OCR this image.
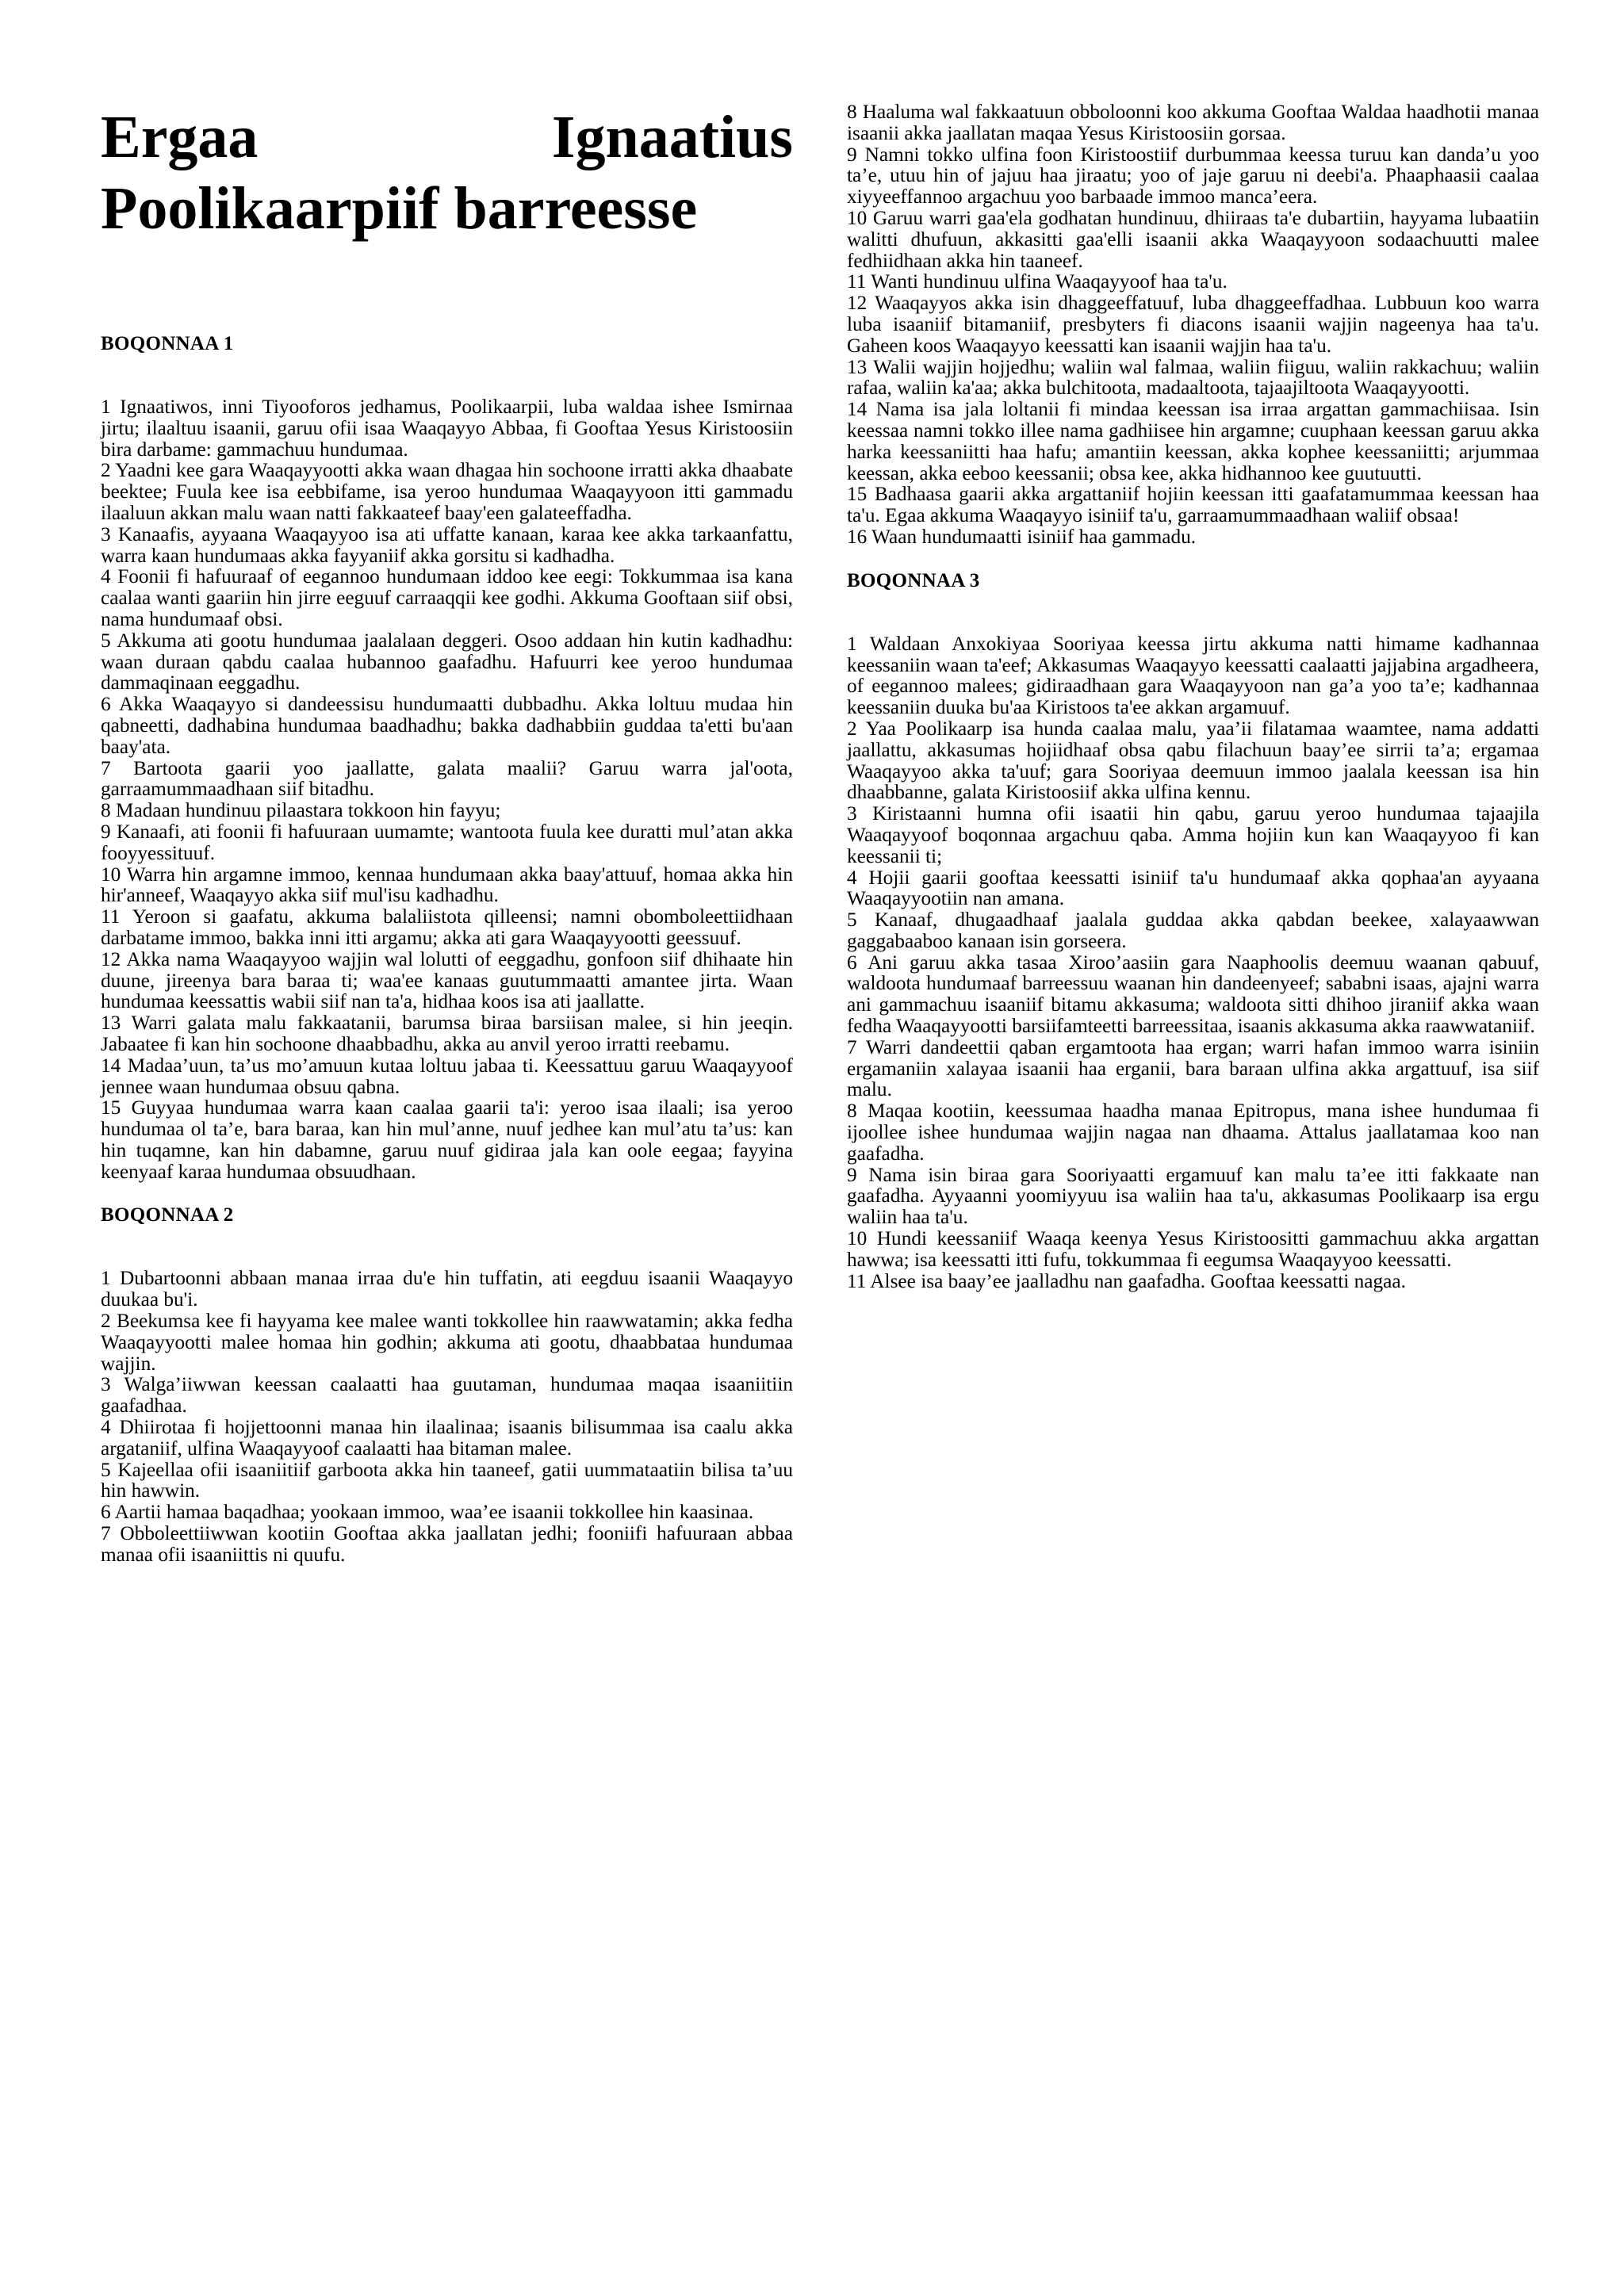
Ergaa	Ignaatius
Poolikaarpiif barreesse

BOQONNAA 1

1 Ignaatiwos, inni Tiyooforos jedhamus, Poolikaarpii, luba waldaa ishee Ismirnaa jirtu; ilaaltuu isaanii, garuu ofii isaa Waaqayyo Abbaa, fi Gooftaa Yesus Kiristoosiin bira darbame: gammachuu hundumaa.

2 Yaadni kee gara Waaqayyootti akka waan dhagaa hin sochoone irratti akka dhaabate beektee; Fuula kee isa eebbifame, isa yeroo hundumaa Waaqayyoon itti gammadu ilaaluun akkan malu waan natti fakkaateef baay'een galateeffadha.

3 Kanaafis, ayyaana Waaqayyoo isa ati uffatte kanaan, karaa kee akka tarkaanfattu, warra kaan hundumaas akka fayyaniif akka gorsitu si kadhadha.

4 Foonii fi hafuuraaf of eegannoo hundumaan iddoo kee eegi: Tokkummaa isa kana caalaa wanti gaariin hin jirre eeguuf carraaqqii kee godhi. Akkuma Gooftaan siif obsi, nama hundumaaf obsi.

5 Akkuma ati gootu hundumaa jaalalaan deggeri. Osoo addaan hin kutin kadhadhu: waan duraan qabdu caalaa hubannoo gaafadhu. Hafuurri kee yeroo hundumaa dammaqinaan eeggadhu.

6 Akka Waaqayyo si dandeessisu hundumaatti dubbadhu. Akka loltuu mudaa hin qabneetti, dadhabina hundumaa baadhadhu; bakka dadhabbiin guddaa ta'etti bu'aan baay'ata.

7 Bartoota gaarii yoo jaallatte, galata maalii? Garuu warra jal'oota, garraamummaadhaan siif bitadhu.

8 Madaan hundinuu pilaastara tokkoon hin fayyu;

9 Kanaafi, ati foonii fi hafuuraan uumamte; wantoota fuula kee duratti mul’atan akka fooyyessituuf.

10 Warra hin argamne immoo, kennaa hundumaan akka baay'attuuf, homaa akka hin hir'anneef, Waaqayyo akka siif mul'isu kadhadhu.

11 Yeroon si gaafatu, akkuma balaliistota qilleensi; namni obomboleettiidhaan darbatame immoo, bakka inni itti argamu; akka ati gara Waaqayyootti geessuuf.

12 Akka nama Waaqayyoo wajjin wal lolutti of eeggadhu, gonfoon siif dhihaate hin duune, jireenya bara baraa ti; waa'ee kanaas guutummaatti amantee jirta. Waan hundumaa keessattis wabii siif nan ta'a, hidhaa koos isa ati jaallatte.

13 Warri galata malu fakkaatanii, barumsa biraa barsiisan malee, si hin jeeqin. Jabaatee fi kan hin sochoone dhaabbadhu, akka au anvil yeroo irratti reebamu.

14 Madaa’uun, ta’us mo’amuun kutaa loltuu jabaa ti. Keessattuu garuu Waaqayyoof jennee waan hundumaa obsuu qabna.

15 Guyyaa hundumaa warra kaan caalaa gaarii ta'i: yeroo isaa ilaali; isa yeroo hundumaa ol ta’e, bara baraa, kan hin mul’anne, nuuf jedhee kan mul’atu ta’us: kan hin tuqamne, kan hin dabamne, garuu nuuf gidiraa jala kan oole eegaa; fayyina keenyaaf karaa hundumaa obsuudhaan.

BOQONNAA 2

1 Dubartoonni abbaan manaa irraa du'e hin tuffatin, ati eegduu isaanii Waaqayyo duukaa bu'i.

2 Beekumsa kee fi hayyama kee malee wanti tokkollee hin raawwatamin; akka fedha Waaqayyootti malee homaa hin godhin; akkuma ati gootu, dhaabbataa hundumaa wajjin.

3 Walga’iiwwan keessan caalaatti haa guutaman, hundumaa maqaa isaaniitiin gaafadhaa.

4 Dhiirotaa fi hojjettoonni manaa hin ilaalinaa; isaanis bilisummaa isa caalu akka argataniif, ulfina Waaqayyoof caalaatti haa bitaman malee.

5 Kajeellaa ofii isaaniitiif garboota akka hin taaneef, gatii uummataatiin bilisa ta’uu hin hawwin.

6 Aartii hamaa baqadhaa; yookaan immoo, waa’ee isaanii tokkollee hin kaasinaa.

7 Obboleettiiwwan kootiin Gooftaa akka jaallatan jedhi; fooniifi hafuuraan abbaa manaa ofii isaaniittis ni quufu.

8 Haaluma wal fakkaatuun obboloonni koo akkuma Gooftaa Waldaa haadhotii manaa isaanii akka jaallatan maqaa Yesus Kiristoosiin gorsaa.

9 Namni tokko ulfina foon Kiristoostiif durbummaa keessa turuu kan danda’u yoo ta’e, utuu hin of jajuu haa jiraatu; yoo of jaje garuu ni deebi'a. Phaaphaasii caalaa xiyyeeffannoo argachuu yoo barbaade immoo manca’eera.

10 Garuu warri gaa'ela godhatan hundinuu, dhiiraas ta'e dubartiin, hayyama lubaatiin walitti dhufuun, akkasitti gaa'elli isaanii akka Waaqayyoon sodaachuutti malee fedhiidhaan akka hin taaneef.

11 Wanti hundinuu ulfina Waaqayyoof haa ta'u.

12 Waaqayyos akka isin dhaggeeffatuuf, luba dhaggeeffadhaa. Lubbuun koo warra luba isaaniif bitamaniif, presbyters fi diacons isaanii wajjin nageenya haa ta'u. Gaheen koos Waaqayyo keessatti kan isaanii wajjin haa ta'u.

13 Walii wajjin hojjedhu; waliin wal falmaa, waliin fiiguu, waliin rakkachuu; waliin rafaa, waliin ka'aa; akka bulchitoota, madaaltoota, tajaajiltoota Waaqayyootti.

14 Nama isa jala loltanii fi mindaa keessan isa irraa argattan gammachiisaa. Isin keessaa namni tokko illee nama gadhiisee hin argamne; cuuphaan keessan garuu akka harka keessaniitti haa hafu; amantiin keessan, akka kophee keessaniitti; arjummaa keessan, akka eeboo keessanii; obsa kee, akka hidhannoo kee guutuutti.

15 Badhaasa gaarii akka argattaniif hojiin keessan itti gaafatamummaa keessan haa ta'u. Egaa akkuma Waaqayyo isiniif ta'u, garraamummaadhaan waliif obsaa!

16 Waan hundumaatti isiniif haa gammadu.

BOQONNAA 3

1 Waldaan Anxokiyaa Sooriyaa keessa jirtu akkuma natti himame kadhannaa keessaniin waan ta'eef; Akkasumas Waaqayyo keessatti caalaatti jajjabina argadheera, of eegannoo malees; gidiraadhaan gara Waaqayyoon nan ga’a yoo ta’e; kadhannaa keessaniin duuka bu'aa Kiristoos ta'ee akkan argamuuf.

2 Yaa Poolikaarp isa hunda caalaa malu, yaa’ii filatamaa waamtee, nama addatti jaallattu, akkasumas hojiidhaaf obsa qabu filachuun baay’ee sirrii ta’a; ergamaa Waaqayyoo akka ta'uuf; gara Sooriyaa deemuun immoo jaalala keessan isa hin dhaabbanne, galata Kiristoosiif akka ulfina kennu.

3 Kiristaanni humna ofii isaatii hin qabu, garuu yeroo hundumaa tajaajila Waaqayyoof boqonnaa argachuu qaba. Amma hojiin kun kan Waaqayyoo fi kan keessanii ti;

4 Hojii gaarii gooftaa keessatti isiniif ta'u hundumaaf akka qophaa'an ayyaana Waaqayyootiin nan amana.

5 Kanaaf, dhugaadhaaf jaalala guddaa akka qabdan beekee, xalayaawwan gaggabaaboo kanaan isin gorseera.

6 Ani garuu akka tasaa Xiroo’aasiin gara Naaphoolis deemuu waanan qabuuf, waldoota hundumaaf barreessuu waanan hin dandeenyeef; sababni isaas, ajajni warra ani gammachuu isaaniif bitamu akkasuma; waldoota sitti dhihoo jiraniif akka waan fedha Waaqayyootti barsiifamteetti barreessitaa, isaanis akkasuma akka raawwataniif.

7 Warri dandeettii qaban ergamtoota haa ergan; warri hafan immoo warra isiniin ergamaniin xalayaa isaanii haa erganii, bara baraan ulfina akka argattuuf, isa siif malu.

8 Maqaa kootiin, keessumaa haadha manaa Epitropus, mana ishee hundumaa fi ijoollee ishee hundumaa wajjin nagaa nan dhaama. Attalus jaallatamaa koo nan gaafadha.

9 Nama isin biraa gara Sooriyaatti ergamuuf kan malu ta’ee itti fakkaate nan gaafadha. Ayyaanni yoomiyyuu isa waliin haa ta'u, akkasumas Poolikaarp isa ergu waliin haa ta'u.

10 Hundi keessaniif Waaqa keenya Yesus Kiristoositti gammachuu akka argattan hawwa; isa keessatti itti fufu, tokkummaa fi eegumsa Waaqayyoo keessatti.

11 Alsee isa baay’ee jaalladhu nan gaafadha. Gooftaa keessatti nagaa.
